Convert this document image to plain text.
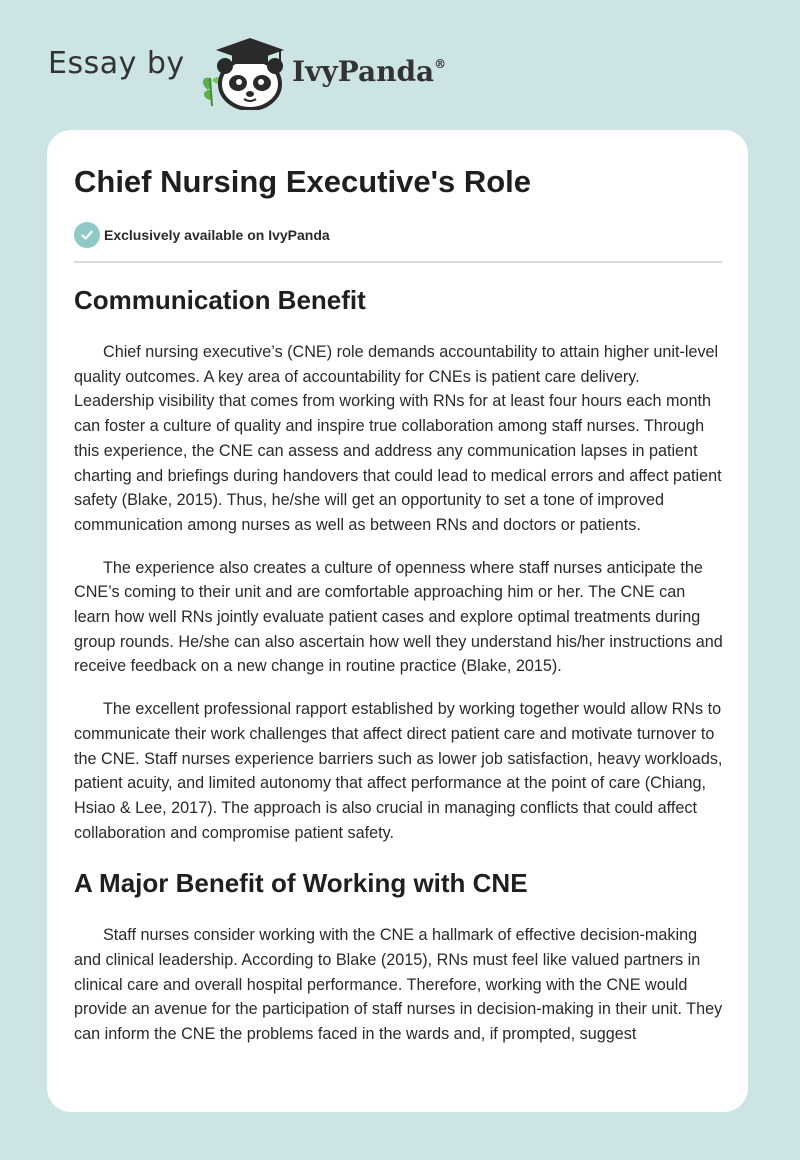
Essay by	IvyPanda®
Chief Nursing Executive's Role
Exclusively available on IvyPanda
Communication Benefit

Chief nursing executive’s (CNE) role demands accountability to attain higher unit-level quality outcomes. A key area of accountability for CNEs is patient care delivery. Leadership visibility that comes from working with RNs for at least four hours each month can foster a culture of quality and inspire true collaboration among staff nurses. Through this experience, the CNE can assess and address any communication lapses in patient charting and briefings during handovers that could lead to medical errors and affect patient safety (Blake, 2015). Thus, he/she will get an opportunity to set a tone of improved communication among nurses as well as between RNs and doctors or patients.

The experience also creates a culture of openness where staff nurses anticipate the CNE’s coming to their unit and are comfortable approaching him or her. The CNE can learn how well RNs jointly evaluate patient cases and explore optimal treatments during group rounds. He/she can also ascertain how well they understand his/her instructions and receive feedback on a new change in routine practice (Blake, 2015).

The excellent professional rapport established by working together would allow RNs to communicate their work challenges that affect direct patient care and motivate turnover to the CNE. Staff nurses experience barriers such as lower job satisfaction, heavy workloads, patient acuity, and limited autonomy that affect performance at the point of care (Chiang, Hsiao & Lee, 2017). The approach is also crucial in managing conflicts that could affect collaboration and compromise patient safety.

A Major Benefit of Working with CNE

Staff nurses consider working with the CNE a hallmark of effective decision-making and clinical leadership. According to Blake (2015), RNs must feel like valued partners in clinical care and overall hospital performance. Therefore, working with the CNE would provide an avenue for the participation of staff nurses in decision-making in their unit. They can inform the CNE the problems faced in the wards and, if prompted, suggest
